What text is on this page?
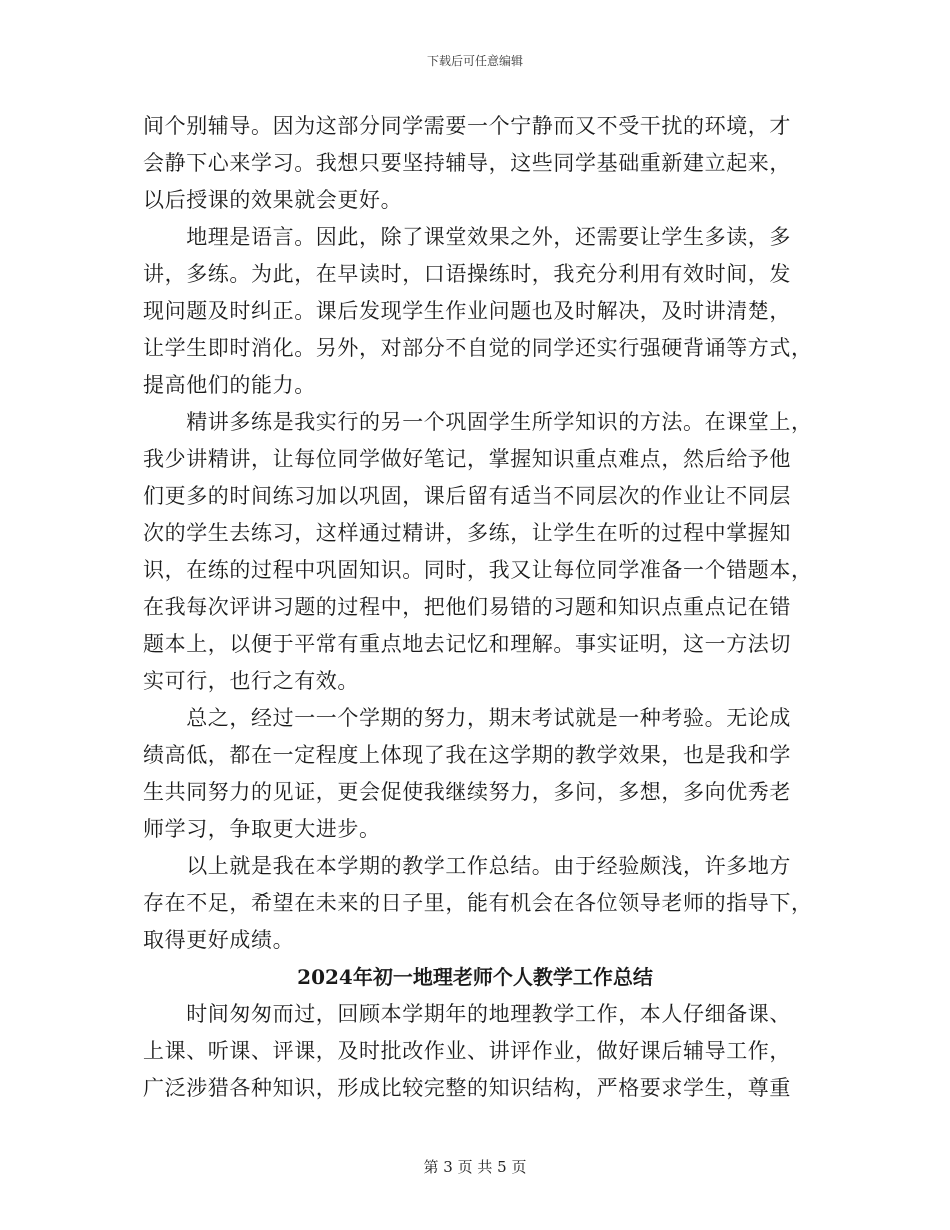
下载后可任意编辑
间个别辅导。因为这部分同学需要一个宁静而又不受干扰的环境，才
会静下心来学习。我想只要坚持辅导，这些同学基础重新建立起来，
以后授课的效果就会更好。
　　地理是语言。因此，除了课堂效果之外，还需要让学生多读，多
讲，多练。为此，在早读时，口语操练时，我充分利用有效时间，发
现问题及时纠正。课后发现学生作业问题也及时解决，及时讲清楚，
让学生即时消化。另外，对部分不自觉的同学还实行强硬背诵等方式，
提高他们的能力。
　　精讲多练是我实行的另一个巩固学生所学知识的方法。在课堂上，
我少讲精讲，让每位同学做好笔记，掌握知识重点难点，然后给予他
们更多的时间练习加以巩固，课后留有适当不同层次的作业让不同层
次的学生去练习，这样通过精讲，多练，让学生在听的过程中掌握知
识，在练的过程中巩固知识。同时，我又让每位同学准备一个错题本，
在我每次评讲习题的过程中，把他们易错的习题和知识点重点记在错
题本上，以便于平常有重点地去记忆和理解。事实证明，这一方法切
实可行，也行之有效。
　　总之，经过一一个学期的努力，期末考试就是一种考验。无论成
绩高低，都在一定程度上体现了我在这学期的教学效果，也是我和学
生共同努力的见证，更会促使我继续努力，多问，多想，多向优秀老
师学习，争取更大进步。
　　以上就是我在本学期的教学工作总结。由于经验颇浅，许多地方
存在不足，希望在未来的日子里，能有机会在各位领导老师的指导下，
取得更好成绩。
2024年初一地理老师个人教学工作总结
　　时间匆匆而过，回顾本学期年的地理教学工作，本人仔细备课、
上课、听课、评课，及时批改作业、讲评作业，做好课后辅导工作，
广泛涉猎各种知识，形成比较完整的知识结构，严格要求学生，尊重
第 3 页 共 5 页
